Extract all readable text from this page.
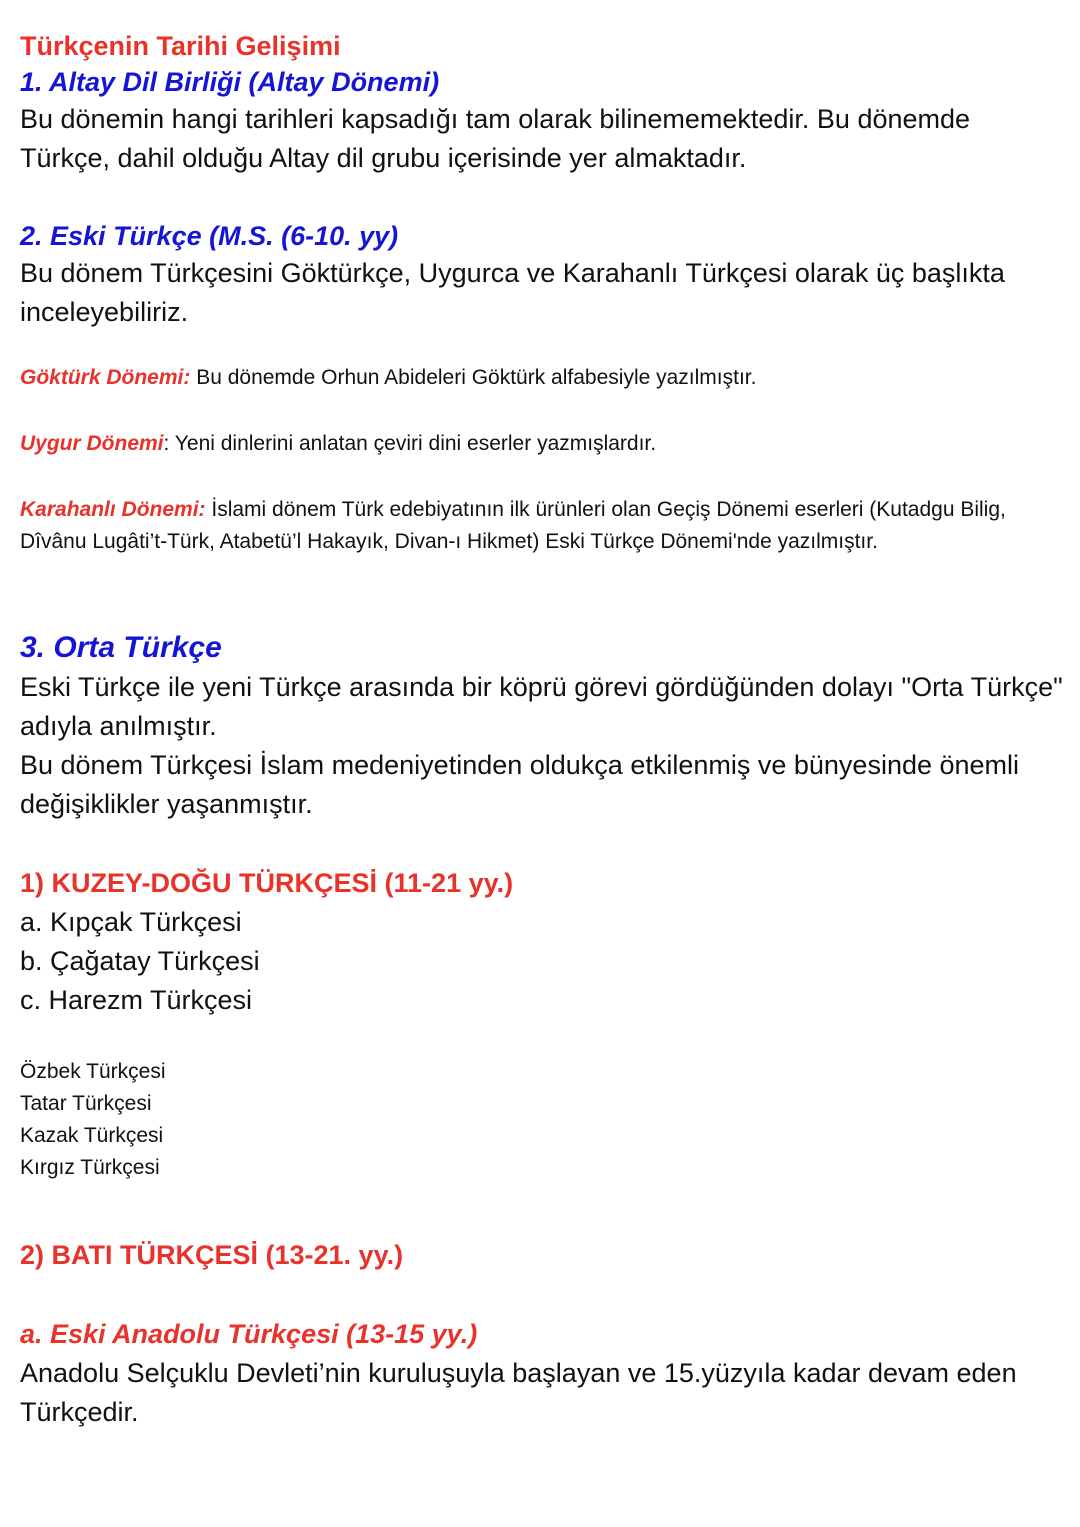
Türkçenin Tarihi Gelişimi
1. Altay Dil Birliği (Altay Dönemi)

Bu dönemin hangi tarihleri kapsadığı tam olarak bilinememektedir. Bu dönemde Türkçe, dahil olduğu Altay dil grubu içerisinde yer almaktadır.

2. Eski Türkçe (M.S. (6-10. yy)

Bu dönem Türkçesini Göktürkçe, Uygurca ve Karahanlı Türkçesi olarak üç başlıkta inceleyebiliriz.

Göktürk Dönemi: Bu dönemde Orhun Abideleri Göktürk alfabesiyle yazılmıştır.

Uygur Dönemi: Yeni dinlerini anlatan çeviri dini eserler yazmışlardır.

Karahanlı Dönemi: İslami dönem Türk edebiyatının ilk ürünleri olan Geçiş Dönemi eserleri (Kutadgu Bilig, Dîvânu Lugâti’t-Türk, Atabetü’l Hakayık, Divan-ı Hikmet) Eski Türkçe Dönemi'nde yazılmıştır.

3. Orta Türkçe

Eski Türkçe ile yeni Türkçe arasında bir köprü görevi gördüğünden dolayı "Orta Türkçe" adıyla anılmıştır.

Bu dönem Türkçesi İslam medeniyetinden oldukça etkilenmiş ve bünyesinde önemli değişiklikler yaşanmıştır.

1) KUZEY-DOĞU TÜRKÇESİ (11-21 yy.)
a. Kıpçak Türkçesi
b. Çağatay Türkçesi
c. Harezm Türkçesi
Özbek Türkçesi
Tatar Türkçesi
Kazak Türkçesi
Kırgız Türkçesi
2) BATI TÜRKÇESİ (13-21. yy.)
a. Eski Anadolu Türkçesi (13-15 yy.)

Anadolu Selçuklu Devleti’nin kuruluşuyla başlayan ve 15.yüzyıla kadar devam eden Türkçedir.
